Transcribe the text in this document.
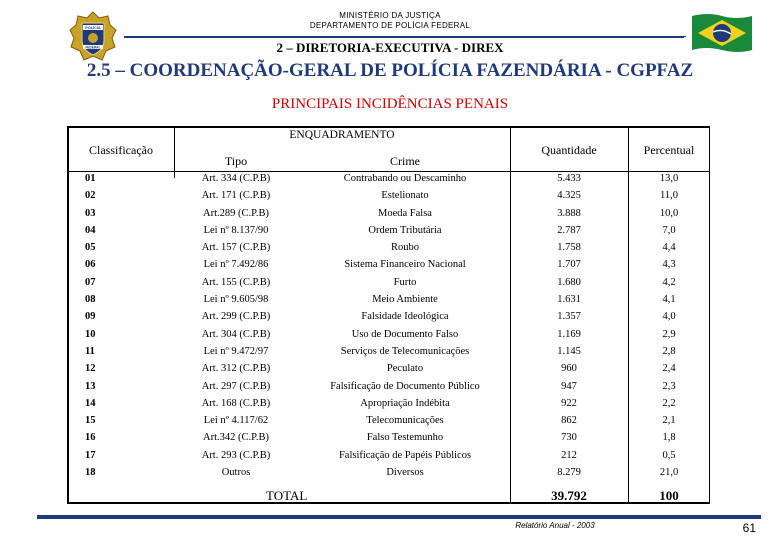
MINISTÉRIO DA JUSTIÇA
DEPARTAMENTO DE POLÍCIA FEDERAL
POLÍCIA
FEDERAL	2 – DIRETORIA-EXECUTIVA - DIREX
2.5 – COORDENAÇÃO-GERAL DE POLÍCIA FAZENDÁRIA - CGPFAZ
PRINCIPAIS INCIDÊNCIAS PENAIS
Classificação
ENQUADRAMENTO
Tipo	Crime
Quantidade	Percentual
01	Art. 334 (C.P.B)	Contrabando ou Descaminho	5.433	13,0
02	Art. 171 (C.P.B)	Estelionato	4.325	11,0
03	Art.289 (C.P.B)	Moeda Falsa	3.888	10,0
04	Lei nº 8.137/90	Ordem Tributária	2.787	7,0
05	Art. 157 (C.P.B)	Roubo	1.758	4,4
06	Lei nº 7.492/86	Sistema Financeiro Nacional	1.707	4,3
07	Art. 155 (C.P.B)	Furto	1.680	4,2
08	Lei nº 9.605/98	Meio Ambiente	1.631	4,1
09	Art. 299 (C.P.B)	Falsidade Ideológica	1.357	4,0
10	Art. 304 (C.P.B)	Uso de Documento Falso	1.169	2,9
11	Lei nº 9.472/97	Serviços de Telecomunicações	1.145	2,8
12	Art. 312 (C.P.B)	Peculato	960	2,4
13	Art. 297 (C.P.B)	Falsificação de Documento Público	947	2,3
14	Art. 168 (C.P.B)	Apropriação Indébita	922	2,2
15	Lei nº 4.117/62	Telecomunicações	862	2,1
16	Art.342 (C.P.B)	Falso Testemunho	730	1,8
17	Art. 293 (C.P.B)	Falsificação de Papéis Públicos	212	0,5
18	Outros	Diversos	8.279	21,0
TOTAL	39.792	100
Relatório Anual - 2003	61
